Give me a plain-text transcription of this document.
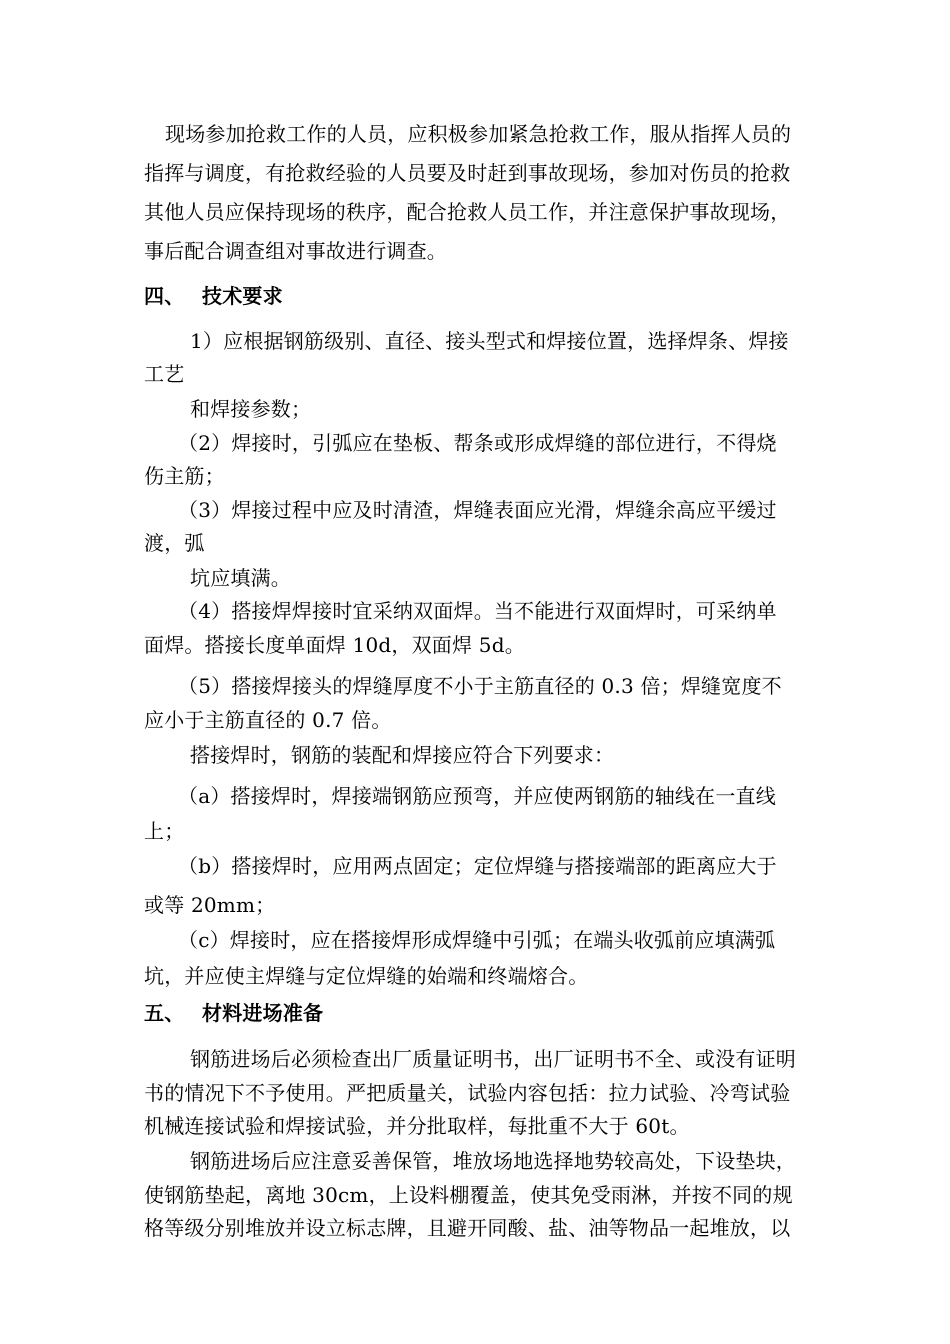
现场参加抢救工作的人员，应积极参加紧急抢救工作，服从指挥人员的
指挥与调度，有抢救经验的人员要及时赶到事故现场，参加对伤员的抢救
其他人员应保持现场的秩序，配合抢救人员工作，并注意保护事故现场，
事后配合调查组对事故进行调查。
四、 技术要求
1）应根据钢筋级别、直径、接头型式和焊接位置，选择焊条、焊接
工艺
和焊接参数；
（2）焊接时，引弧应在垫板、帮条或形成焊缝的部位进行，不得烧
伤主筋；
（3）焊接过程中应及时清渣，焊缝表面应光滑，焊缝余高应平缓过
渡，弧
坑应填满。
（4）搭接焊焊接时宜采纳双面焊。当不能进行双面焊时，可采纳单
面焊。搭接长度单面焊 10d，双面焊 5d。
（5）搭接焊接头的焊缝厚度不小于主筋直径的 0.3 倍；焊缝宽度不
应小于主筋直径的 0.7 倍。
搭接焊时，钢筋的装配和焊接应符合下列要求：
（a）搭接焊时，焊接端钢筋应预弯，并应使两钢筋的轴线在一直线
上；
（b）搭接焊时，应用两点固定；定位焊缝与搭接端部的距离应大于
或等 20mm；
（c）焊接时，应在搭接焊形成焊缝中引弧；在端头收弧前应填满弧
坑，并应使主焊缝与定位焊缝的始端和终端熔合。
五、 材料进场准备
钢筋进场后必须检查出厂质量证明书，出厂证明书不全、或没有证明
书的情况下不予使用。严把质量关，试验内容包括：拉力试验、冷弯试验
机械连接试验和焊接试验，并分批取样，每批重不大于 60t。
钢筋进场后应注意妥善保管，堆放场地选择地势较高处，下设垫块，
使钢筋垫起，离地 30cm，上设料棚覆盖，使其免受雨淋，并按不同的规
格等级分别堆放并设立标志牌，且避开同酸、盐、油等物品一起堆放，以
